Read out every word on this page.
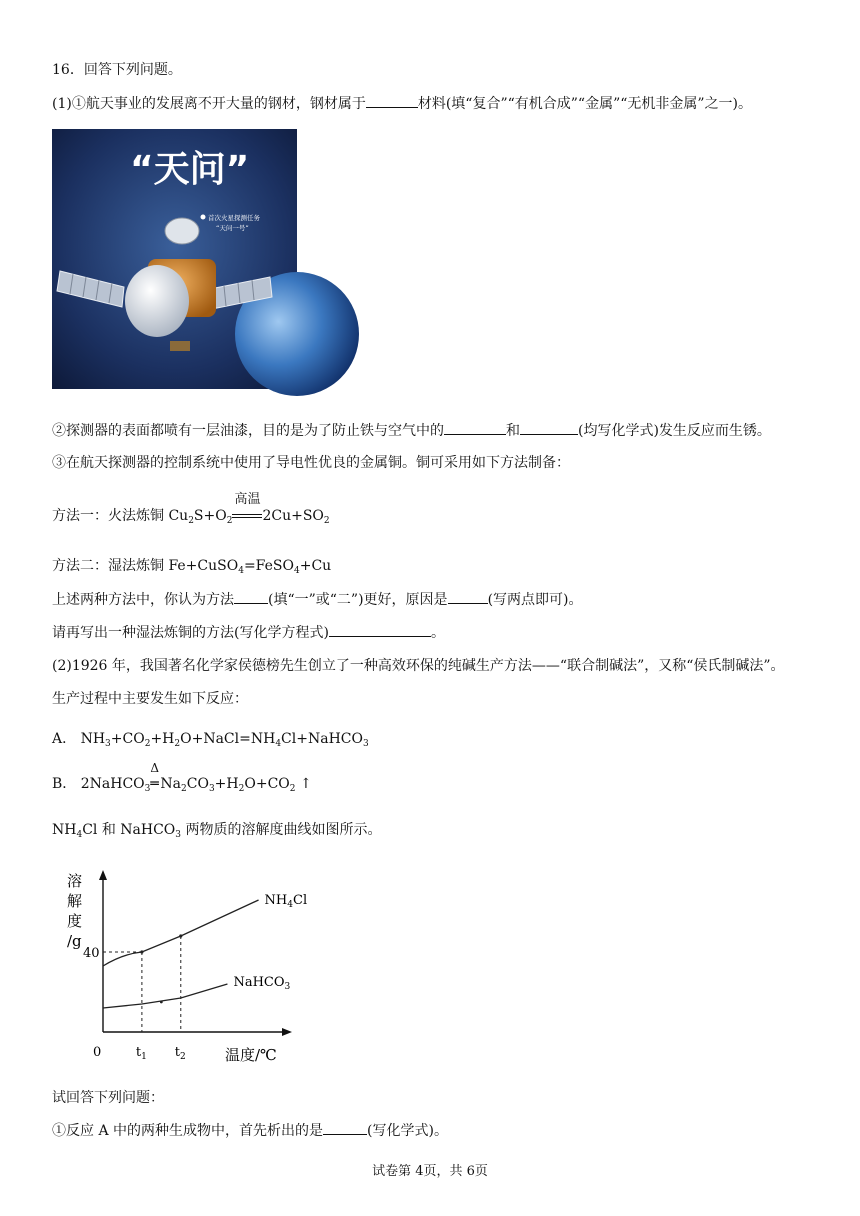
16．回答下列问题。
(1)①航天事业的发展离不开大量的钢材，钢材属于	材料(填“复合”“有机合成”“金属”“无机非金属”之一)。
“天问”
首次火星探测任务
“天问一号”
②探测器的表面都喷有一层油漆，目的是为了防止铁与空气中的	和	(均写化学式)发生反应而生锈。
③在航天探测器的控制系统中使用了导电性优良的金属铜。铜可采用如下方法制备：
方法一：火法炼铜 $Cu_2S+O_2$
高温
$2Cu+SO_2$
方法二：湿法炼铜 Fe+CuSO$_4$=FeSO$_4$+Cu
上述两种方法中，你认为方法 (填“一”或“二”)更好，原因是	(写两点即可)。
请再写出一种湿法炼铜的方法(写化学方程式)	。
(2)1926 年，我国著名化学家侯德榜先生创立了一种高效环保的纯碱生产方法——“联合制碱法”，又称“侯氏制碱法”。
生产过程中主要发生如下反应：
A． $NH_3+CO_2+H_2O+NaCl=NH_4Cl+NaHCO_3$
B． 2NaHCO$_3$
Δ
═ $Na_2CO_3+H_2O+CO_2$ ↑
$NH_4Cl$ 和 NaHCO$_3$ 两物质的溶解度曲线如图所示。
溶
解
度
/g
温度/℃
0
40
$t_1$ $t_2$
$NH_4Cl$
NaHCO$_3$
试回答下列问题：
①反应 A 中的两种生成物中，首先析出的是	(写化学式)。
试卷第 4页，共 6页
